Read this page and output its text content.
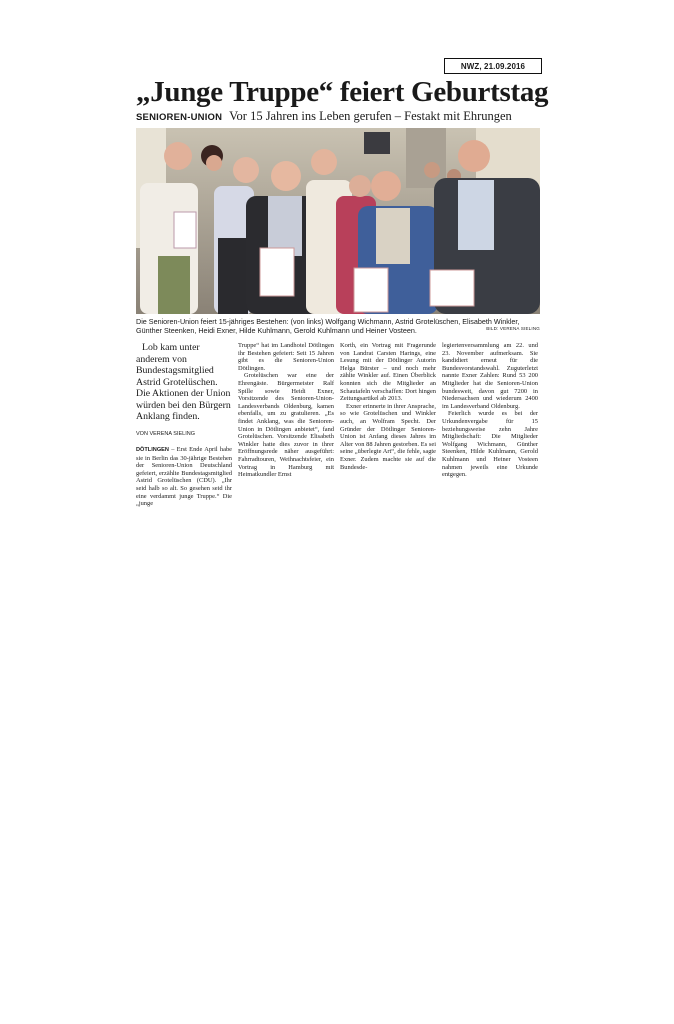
NWZ, 21.09.2016
„Junge Truppe“ feiert Geburtstag
SENIOREN-UNION Vor 15 Jahren ins Leben gerufen – Festakt mit Ehrungen
Die Senioren-Union feiert 15-jähriges Bestehen: (von links) Wolfgang Wichmann, Astrid Grotelüschen, Elisabeth Winkler, Günther Steenken, Heidi Exner, Hilde Kuhlmann, Gerold Kuhlmann und Heiner Vosteen.	BILD: VERENA SIELING

Lob kam unter anderem von Bundestagsmitglied Astrid Grotelüschen. Die Aktionen der Union würden bei den Bürgern Anklang finden.

VON VERENA SIELING

DÖTLINGEN – Erst Ende April habe sie in Berlin das 30-jährige Bestehen der Senioren-Union Deutschland gefeiert, erzählte Bundestagsmitglied Astrid Grotelüschen (CDU). „Ihr seid halb so alt. So gesehen seid ihr eine verdammt junge Truppe.“ Die „junge

Truppe“ hat im Landhotel Dötlingen ihr Bestehen gefeiert: Seit 15 Jahren gibt es die Senioren-Union Dötlingen.

Grotelüschen war eine der Ehrengäste. Bürgermeister Ralf Spille sowie Heidi Exner, Vorsitzende des Senioren-Union-Landesverbands Oldenburg, kamen ebenfalls, um zu gratulieren. „Es findet Anklang, was die Senioren-Union in Dötlingen anbietet“, fand Grotelüschen. Vorsitzende Elisabeth Winkler hatte dies zuvor in ihrer Eröffnungsrede näher ausgeführt: Fahrradtouren, Weihnachtsfeier, ein Vortrag in Hamburg mit Heimatkundler Ernst

Korth, ein Vortrag mit Fragerunde von Landrat Carsten Harings, eine Lesung mit der Dötlinger Autorin Helga Bürster – und noch mehr zählte Winkler auf. Einen Überblick konnten sich die Mitglieder an Schautafeln verschaffen: Dort hingen Zeitungsartikel ab 2013.

Exner erinnerte in ihrer Ansprache, so wie Grotelüschen und Winkler auch, an Wolfram Specht. Der Gründer der Dötlinger Senioren-Union ist Anfang dieses Jahres im Alter von 88 Jahren gestorben. Es sei seine „überlegte Art“, die fehle, sagte Exner. Zudem machte sie auf die Bundesde-

legiertenversammlung am 22. und 23. November aufmerksam. Sie kandidiert erneut für die Bundesvorstandswahl. Zuguterletzt nannte Exner Zahlen: Rund 53 200 Mitglieder hat die Senioren-Union bundesweit, davon gut 7200 in Niedersachsen und wiederum 2400 im Landesverband Oldenburg.

Feierlich wurde es bei der Urkundenvergabe für 15 beziehungsweise zehn Jahre Mitgliedschaft: Die Mitglieder Wolfgang Wichmann, Günther Steenken, Hilde Kuhlmann, Gerold Kuhlmann und Heiner Vosteen nahmen jeweils eine Urkunde entgegen.
